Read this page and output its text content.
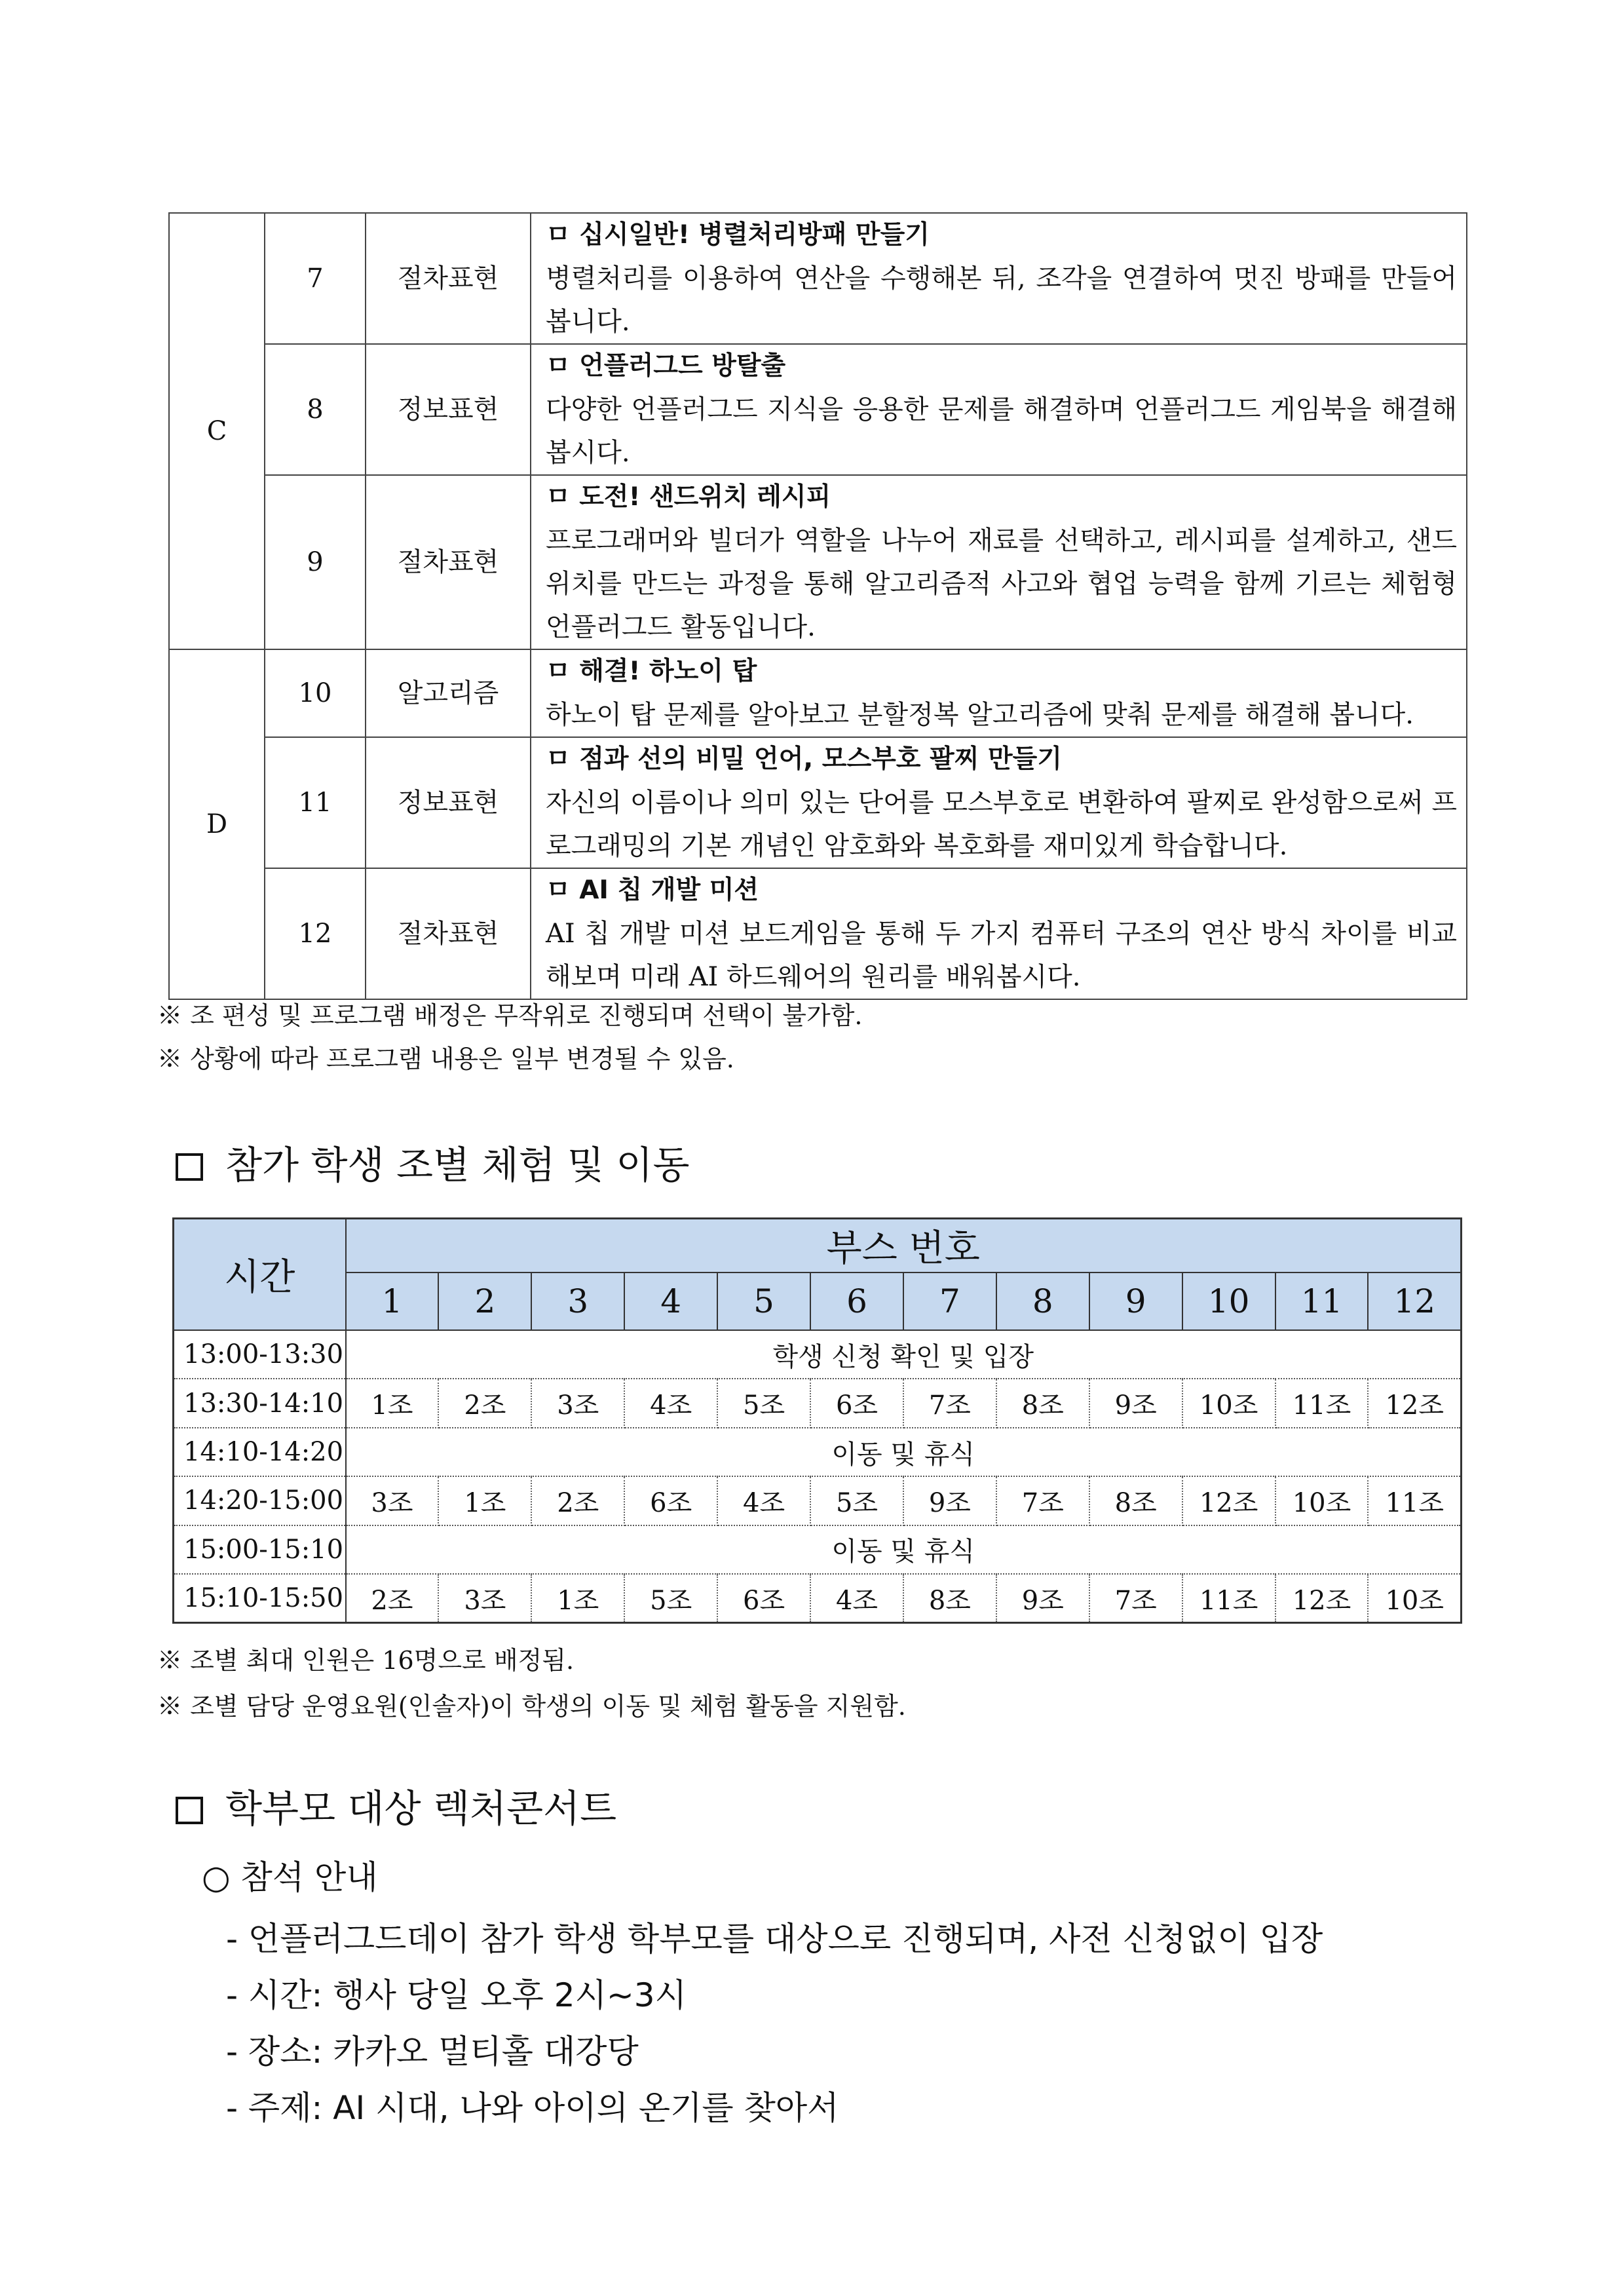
C	7	절차표현	ㅁ 십시일반! 병렬처리방패 만들기
병렬처리를 이용하여 연산을 수행해본 뒤, 조각을 연결하여 멋진 방패를 만들어 봅니다.

	8	정보표현	ㅁ 언플러그드 방탈출
다양한 언플러그드 지식을 응용한 문제를 해결하며 언플러그드 게임북을 해결해 봅시다.

	9	절차표현	ㅁ 도전! 샌드위치 레시피
프로그래머와 빌더가 역할을 나누어 재료를 선택하고, 레시피를 설계하고, 샌드위치를 만드는 과정을 통해 알고리즘적 사고와 협업 능력을 함께 기르는 체험형 언플러그드 활동입니다.

D	10	알고리즘	ㅁ 해결! 하노이 탑
하노이 탑 문제를 알아보고 분할정복 알고리즘에 맞춰 문제를 해결해 봅니다.

	11	정보표현	ㅁ 점과 선의 비밀 언어, 모스부호 팔찌 만들기
자신의 이름이나 의미 있는 단어를 모스부호로 변환하여 팔찌로 완성함으로써 프로그래밍의 기본 개념인 암호화와 복호화를 재미있게 학습합니다.

	12	절차표현	ㅁ AI 칩 개발 미션
AI 칩 개발 미션 보드게임을 통해 두 가지 컴퓨터 구조의 연산 방식 차이를 비교해보며 미래 AI 하드웨어의 원리를 배워봅시다.
※ 조 편성 및 프로그램 배정은 무작위로 진행되며 선택이 불가함.
※ 상황에 따라 프로그램 내용은 일부 변경될 수 있음.
참가 학생 조별 체험 및 이동
시간	부스 번호											
	1	2	3	4	5	6	7	8	9	10	11	12
13:00-13:30	학생 신청 확인 및 입장											
13:30-14:10	1조	2조	3조	4조	5조	6조	7조	8조	9조	10조	11조	12조
14:10-14:20	이동 및 휴식											
14:20-15:00	3조	1조	2조	6조	4조	5조	9조	7조	8조	12조	10조	11조
15:00-15:10	이동 및 휴식											
15:10-15:50	2조	3조	1조	5조	6조	4조	8조	9조	7조	11조	12조	10조
※ 조별 최대 인원은 16명으로 배정됨.
※ 조별 담당 운영요원(인솔자)이 학생의 이동 및 체험 활동을 지원함.
학부모 대상 렉처콘서트
○ 참석 안내
- 언플러그드데이 참가 학생 학부모를 대상으로 진행되며, 사전 신청없이 입장
- 시간: 행사 당일 오후 2시~3시
- 장소: 카카오 멀티홀 대강당
- 주제: AI 시대, 나와 아이의 온기를 찾아서
